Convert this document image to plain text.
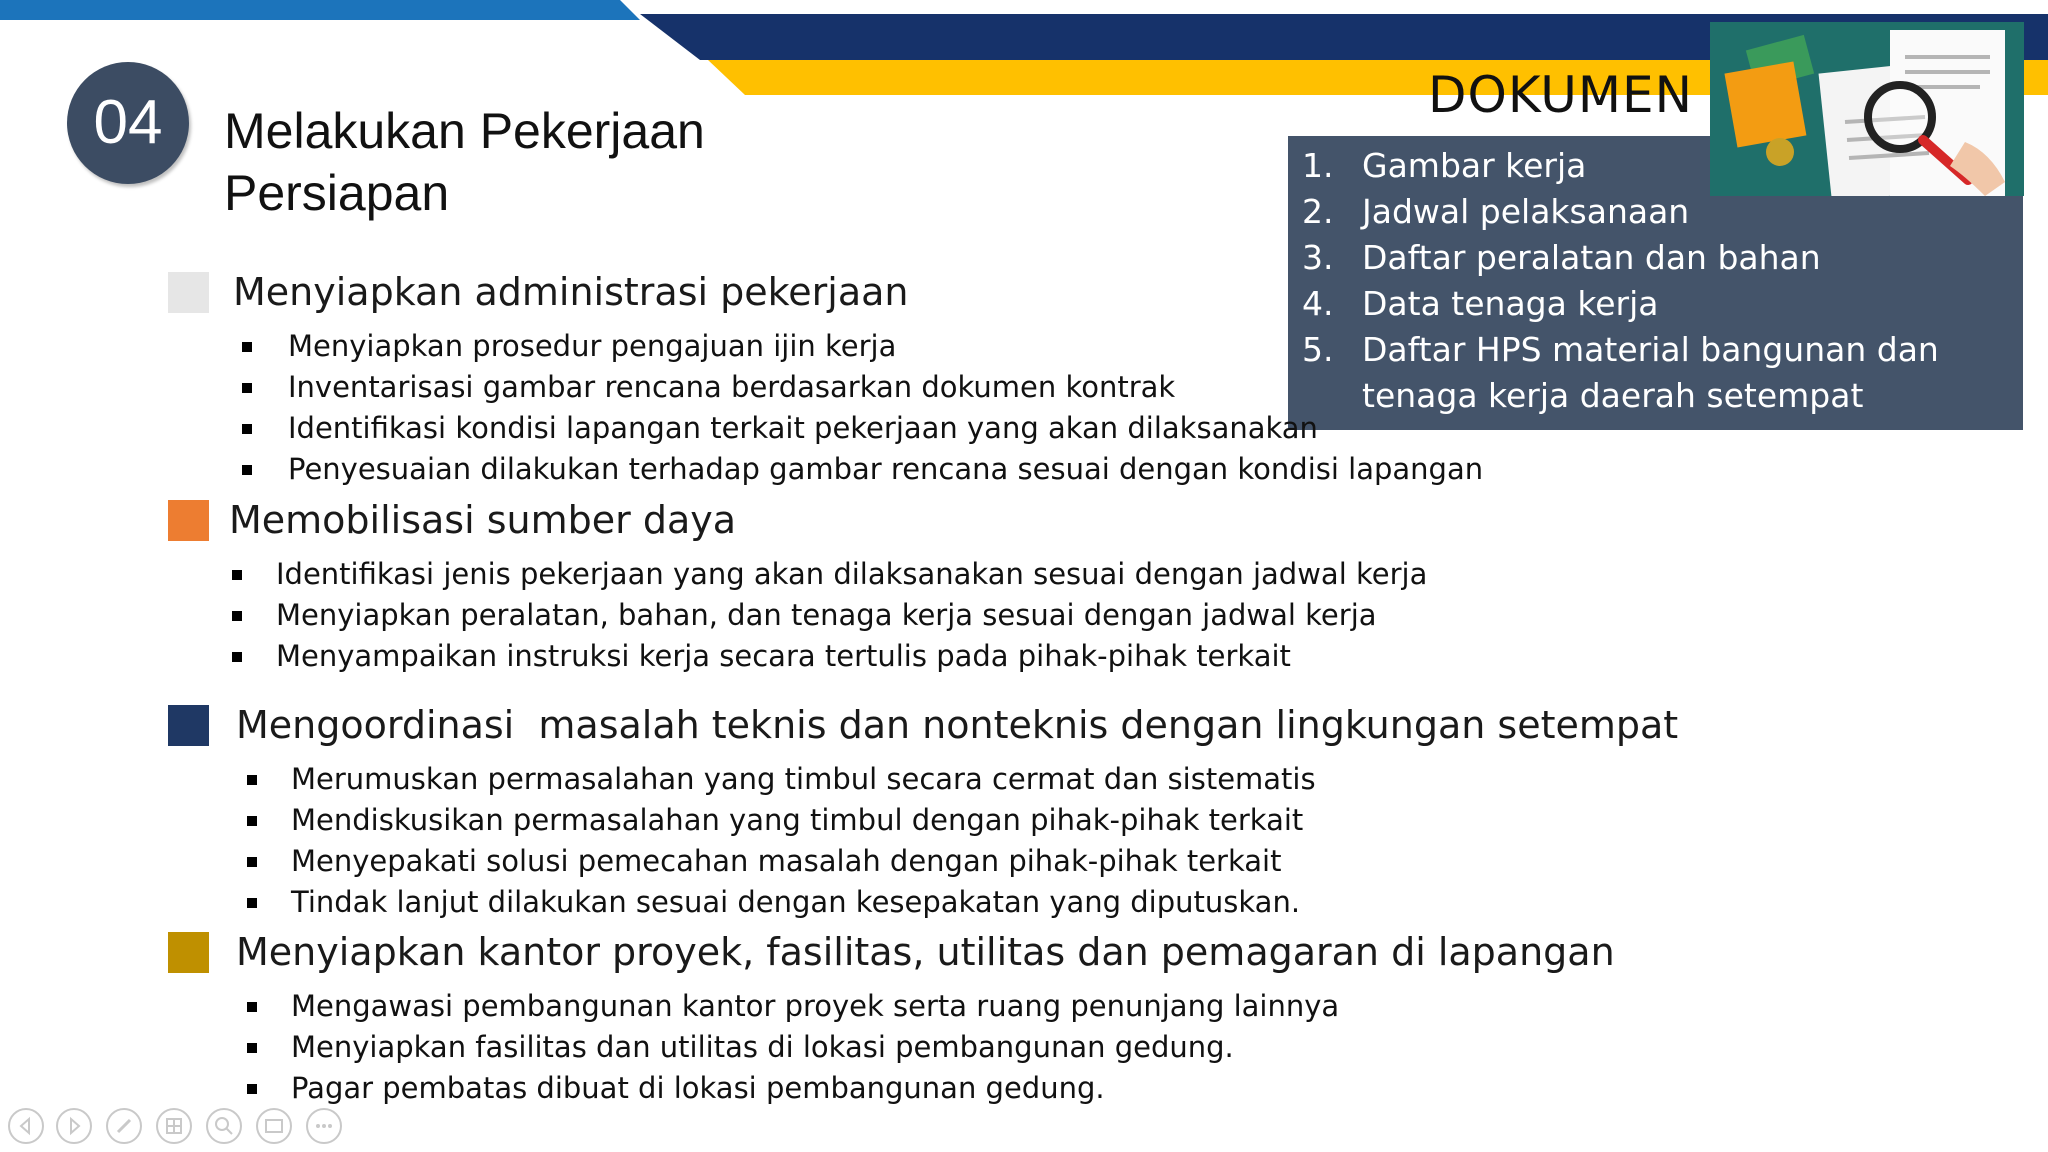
04	Melakukan Pekerjaan Persiapan
DOKUMEN
1. Gambar kerja
2. Jadwal pelaksanaan
3. Daftar peralatan dan bahan
4. Data tenaga kerja
5. Daftar HPS material bangunan dan tenaga kerja daerah setempat
Menyiapkan administrasi pekerjaan
Menyiapkan prosedur pengajuan ijin kerja
Inventarisasi gambar rencana berdasarkan dokumen kontrak
Identifikasi kondisi lapangan terkait pekerjaan yang akan dilaksanakan
Penyesuaian dilakukan terhadap gambar rencana sesuai dengan kondisi lapangan
Memobilisasi sumber daya
Identifikasi jenis pekerjaan yang akan dilaksanakan sesuai dengan jadwal kerja
Menyiapkan peralatan, bahan, dan tenaga kerja sesuai dengan jadwal kerja
Menyampaikan instruksi kerja secara tertulis pada pihak-pihak terkait
Mengoordinasi  masalah teknis dan nonteknis dengan lingkungan setempat
Merumuskan permasalahan yang timbul secara cermat dan sistematis
Mendiskusikan permasalahan yang timbul dengan pihak-pihak terkait
Menyepakati solusi pemecahan masalah dengan pihak-pihak terkait
Tindak lanjut dilakukan sesuai dengan kesepakatan yang diputuskan.
Menyiapkan kantor proyek, fasilitas, utilitas dan pemagaran di lapangan
Mengawasi pembangunan kantor proyek serta ruang penunjang lainnya
Menyiapkan fasilitas dan utilitas di lokasi pembangunan gedung.
Pagar pembatas dibuat di lokasi pembangunan gedung.
